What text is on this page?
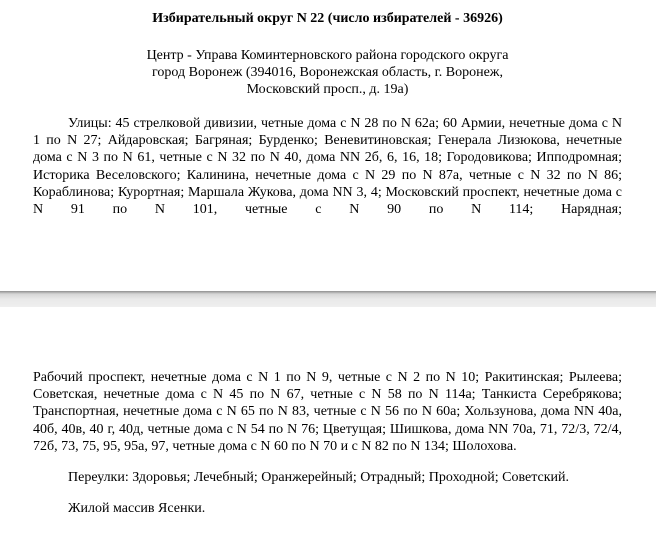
Избирательный округ N 22 (число избирателей - 36926)

Центр - Управа Коминтерновского района городского округа
город Воронеж (394016, Воронежская область, г. Воронеж,
Московский просп., д. 19а)

Улицы: 45 стрелковой дивизии, четные дома с N 28 по N 62а; 60 Армии, нечетные дома с N 1 по N 27; Айдаровская; Багряная; Бурденко; Веневитиновская; Генерала Лизюкова, нечетные дома с N 3 по N 61, четные с N 32 по N 40, дома NN 2б, 6, 16, 18; Городовикова; Ипподромная; Историка Веселовского; Калинина, нечетные дома с N 29 по N 87а, четные с N 32 по N 86; Кораблинова; Курортная; Маршала Жукова, дома NN 3, 4; Московский проспект, нечетные дома с N 91 по N 101, четные с N 90 по N 114; Нарядная;

Рабочий проспект, нечетные дома с N 1 по N 9, четные с N 2 по N 10; Ракитинская; Рылеева; Советская, нечетные дома с N 45 по N 67, четные с N 58 по N 114а; Танкиста Серебрякова; Транспортная, нечетные дома с N 65 по N 83, четные с N 56 по N 60а; Хользунова, дома NN 40а, 40б, 40в, 40 г, 40д, четные дома с N 54 по N 76; Цветущая; Шишкова, дома NN 70а, 71, 72/3, 72/4, 72б, 73, 75, 95, 95а, 97, четные дома с N 60 по N 70 и с N 82 по N 134; Шолохова.

Переулки: Здоровья; Лечебный; Оранжерейный; Отрадный; Проходной; Советский.

Жилой массив Ясенки.
